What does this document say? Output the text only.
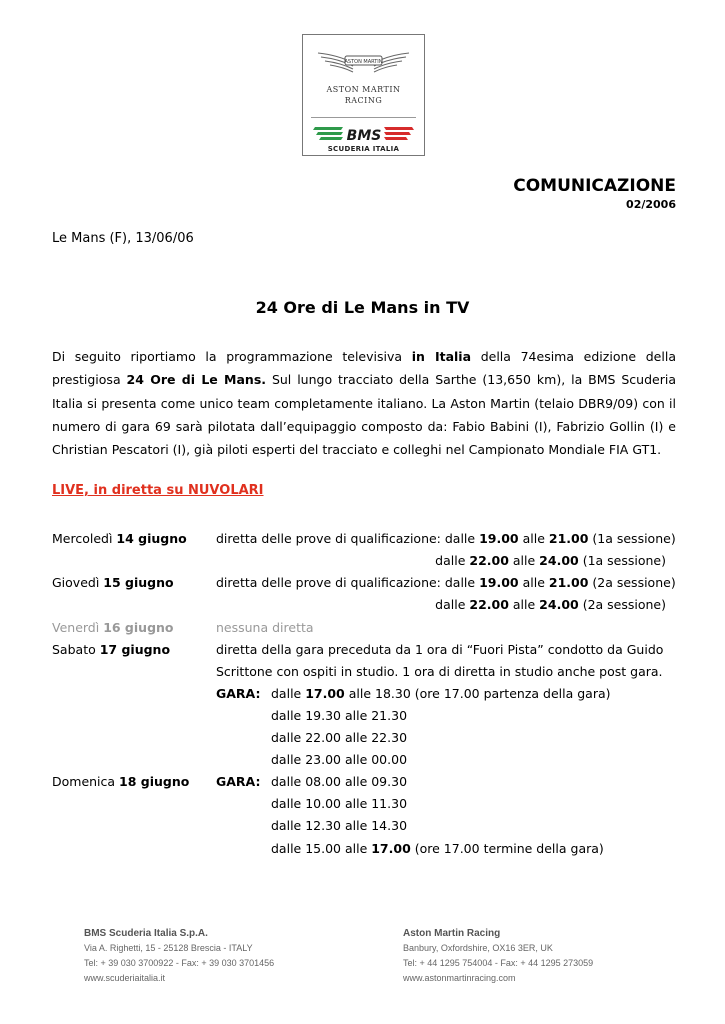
ASTON MARTIN
ASTON MARTIN
RACING
BMS
SCUDERIA ITALIA
COMUNICAZIONE
02/2006
Le Mans (F), 13/06/06
24 Ore di Le Mans in TV
Di seguito riportiamo la programmazione televisiva in Italia della 74esima edizione della prestigiosa 24 Ore di Le Mans. Sul lungo tracciato della Sarthe (13,650 km), la BMS Scuderia Italia si presenta come unico team completamente italiano. La Aston Martin (telaio DBR9/09) con il numero di gara 69 sarà pilotata dall’equipaggio composto da: Fabio Babini (I), Fabrizio Gollin (I) e Christian Pescatori (I), già piloti esperti del tracciato e colleghi nel Campionato Mondiale FIA GT1.
LIVE, in diretta su NUVOLARI
Mercoledì 14 giugno diretta delle prove di qualificazione: dalle 19.00 alle 21.00 (1a sessione)
dalle 22.00 alle 24.00 (1a sessione)
Giovedì 15 giugno	diretta delle prove di qualificazione: dalle 19.00 alle 21.00 (2a sessione)
dalle 22.00 alle 24.00 (2a sessione)
Venerdì 16 giugno	nessuna diretta
Sabato 17 giugno	diretta della gara preceduta da 1 ora di “Fuori Pista” condotto da Guido
Scrittone con ospiti in studio. 1 ora di diretta in studio anche post gara.
GARA: dalle 17.00 alle 18.30 (ore 17.00 partenza della gara)
dalle 19.30 alle 21.30
dalle 22.00 alle 22.30
dalle 23.00 alle 00.00
Domenica 18 giugno GARA: dalle 08.00 alle 09.30
dalle 10.00 alle 11.30
dalle 12.30 alle 14.30
dalle 15.00 alle 17.00 (ore 17.00 termine della gara)
BMS Scuderia Italia S.p.A.
Via A. Righetti, 15 - 25128 Brescia - ITALY
Tel: + 39 030 3700922 - Fax: + 39 030 3701456
www.scuderiaitalia.it
Aston Martin Racing
Banbury, Oxfordshire, OX16 3ER, UK
Tel: + 44 1295 754004 - Fax: + 44 1295 273059
www.astonmartinracing.com
